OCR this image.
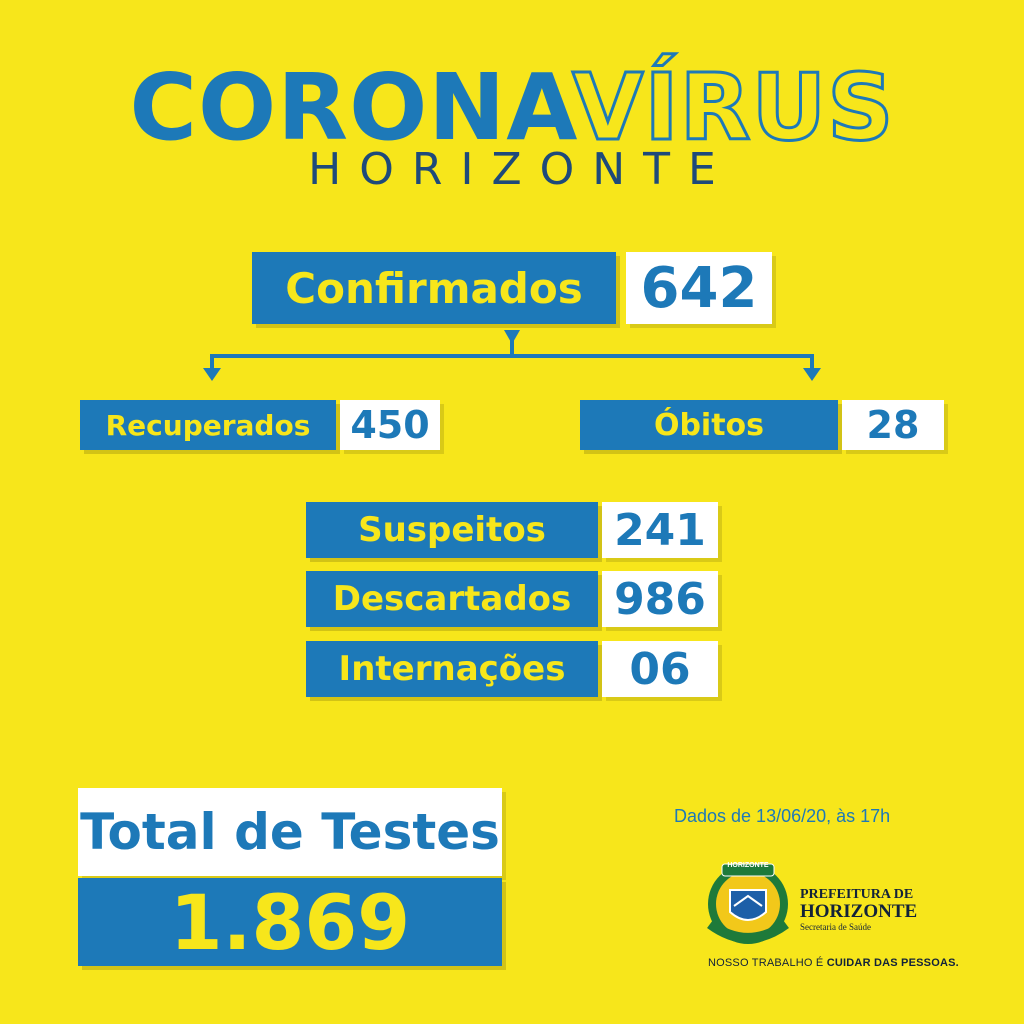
CORONAVÍRUS
HORIZONTE
Confirmados 642
Recuperados 450	Óbitos	28
Suspeitos 241
Descartados 986
Internações 06
Total de Testes
1.869
Dados de 13/06/20, às 17h
HORIZONTE
PREFEITURA DE
HORIZONTE
Secretaria de Saúde
NOSSO TRABALHO É CUIDAR DAS PESSOAS.
